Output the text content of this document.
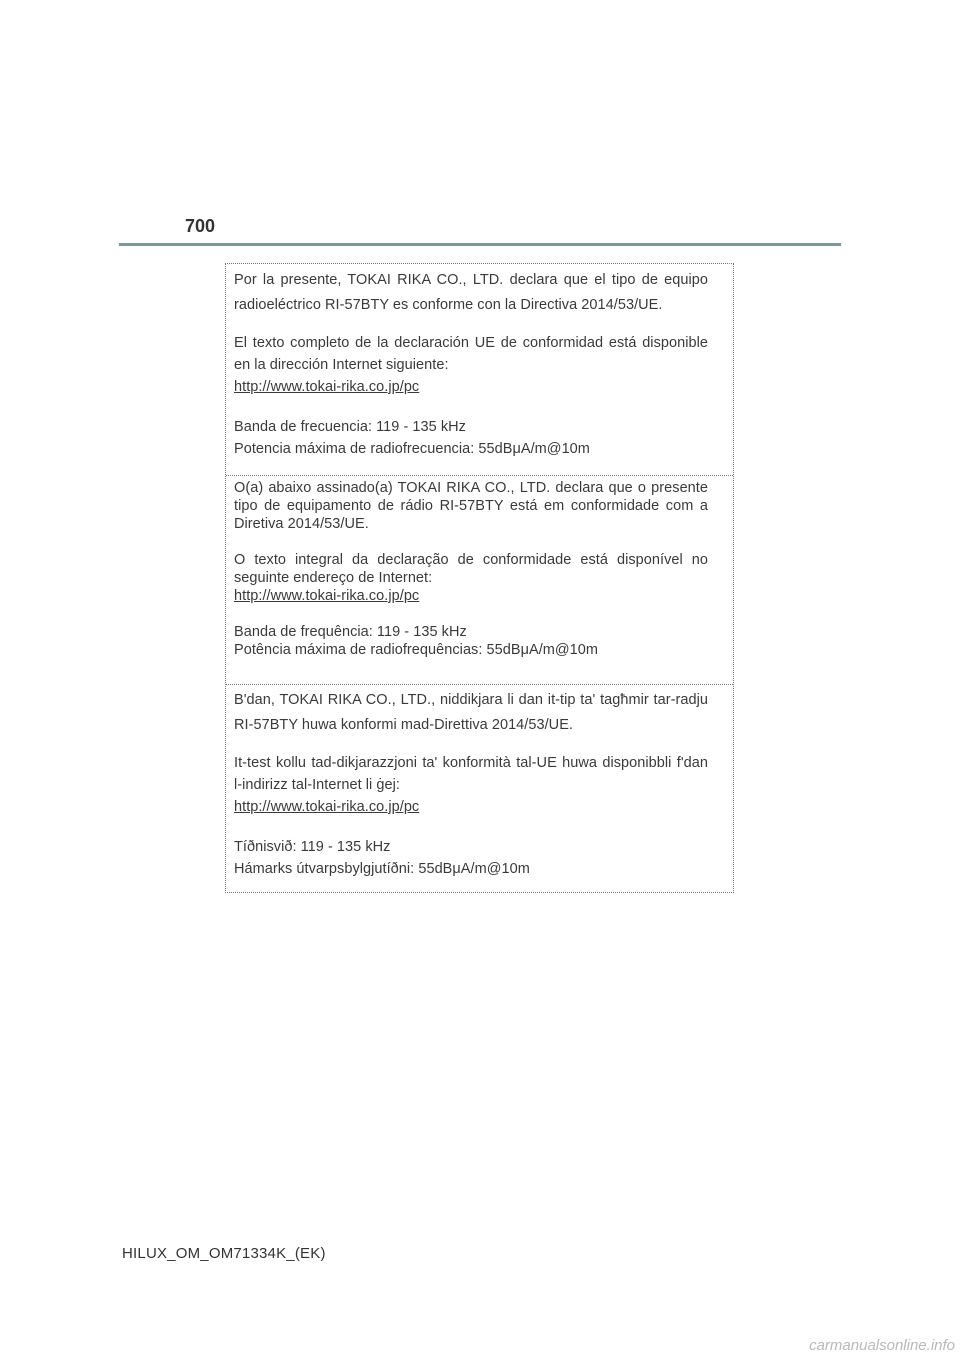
700

Por la presente, TOKAI RIKA CO., LTD. declara que el tipo de equipo radioeléctrico RI-57BTY es conforme con la Directiva 2014/53/UE.

El texto completo de la declaración UE de conformidad está disponible en la dirección Internet siguiente:

http://www.tokai-rika.co.jp/pc

Banda de frecuencia: 119 - 135 kHz

Potencia máxima de radiofrecuencia: 55dBμA/m@10m

O(a) abaixo assinado(a) TOKAI RIKA CO., LTD. declara que o presente tipo de equipamento de rádio RI-57BTY está em conformidade com a Diretiva 2014/53/UE.

O texto integral da declaração de conformidade está disponível no seguinte endereço de Internet:

http://www.tokai-rika.co.jp/pc

Banda de frequência: 119 - 135 kHz

Potência máxima de radiofrequências: 55dBμA/m@10m

B'dan, TOKAI RIKA CO., LTD., niddikjara li dan it-tip ta' tagħmir tar-radju RI-57BTY huwa konformi mad-Direttiva 2014/53/UE.

It-test kollu tad-dikjarazzjoni ta' konformità tal-UE huwa disponibbli f'dan l-indirizz tal-Internet li ġej:

http://www.tokai-rika.co.jp/pc

Tíðnisvið: 119 - 135 kHz

Hámarks útvarpsbylgjutíðni: 55dBμA/m@10m

HILUX_OM_OM71334K_(EK)
carmanualsonline.info
